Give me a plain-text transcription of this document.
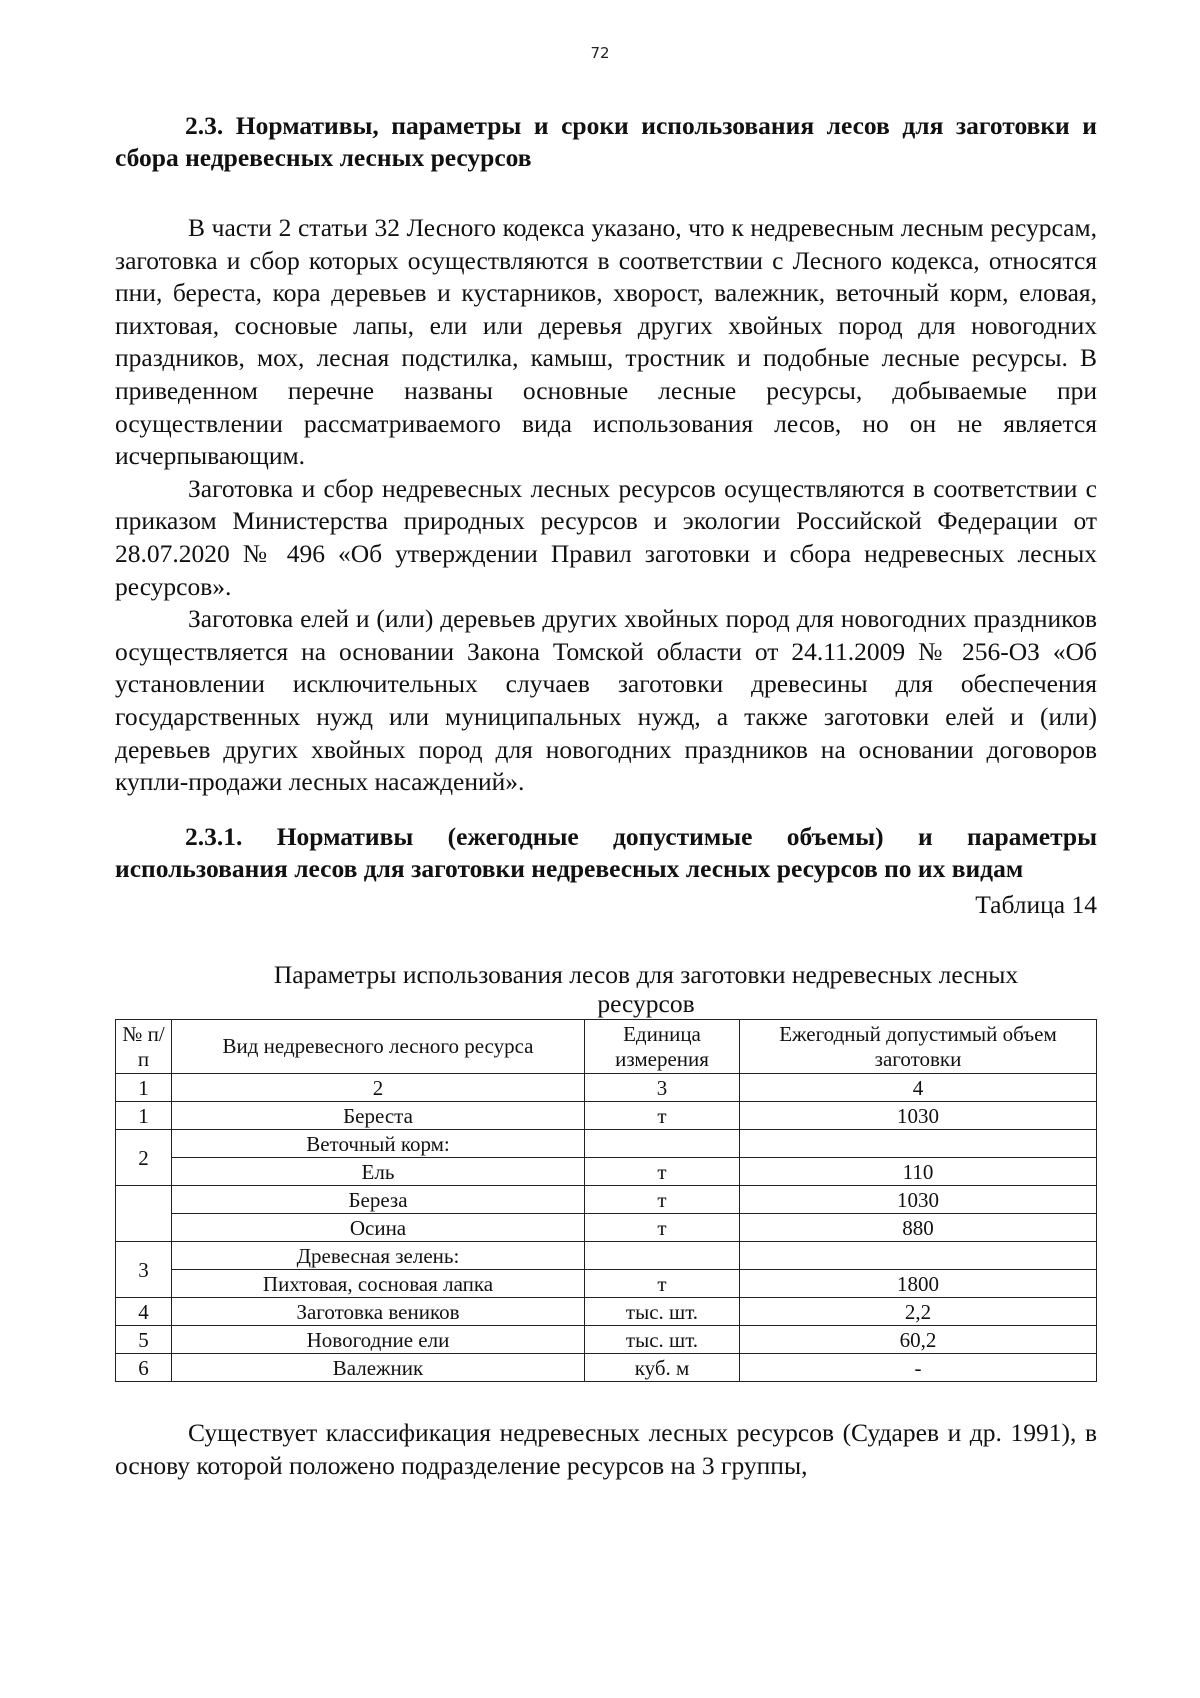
72
2.3. Нормативы, параметры и сроки использования лесов для заготовки и сбора недревесных лесных ресурсов

В части 2 статьи 32 Лесного кодекса указано, что к недревесным лесным ресурсам, заготовка и сбор которых осуществляются в соответствии с Лесного кодекса, относятся пни, береста, кора деревьев и кустарников, хворост, валежник, веточный корм, еловая, пихтовая, сосновые лапы, ели или деревья других хвойных пород для новогодних праздников, мох, лесная подстилка, камыш, тростник и подобные лесные ресурсы. В приведенном перечне названы основные лесные ресурсы, добываемые при осуществлении рассматриваемого вида использования лесов, но он не является исчерпывающим.

Заготовка и сбор недревесных лесных ресурсов осуществляются в соответствии с приказом Министерства природных ресурсов и экологии Российской Федерации от 28.07.2020 № 496 «Об утверждении Правил заготовки и сбора недревесных лесных ресурсов».

Заготовка елей и (или) деревьев других хвойных пород для новогодних праздников осуществляется на основании Закона Томской области от 24.11.2009 № 256-ОЗ «Об установлении исключительных случаев заготовки древесины для обеспечения государственных нужд или муниципальных нужд, а также заготовки елей и (или) деревьев других хвойных пород для новогодних праздников на основании договоров купли-продажи лесных насаждений».

2.3.1. Нормативы (ежегодные допустимые объемы) и параметры использования лесов для заготовки недревесных лесных ресурсов по их видам

Таблица 14

Параметры использования лесов для заготовки недревесных лесных ресурсов

№ п/п	Вид недревесного лесного ресурса	Единица измерения	Ежегодный допустимый объем заготовки
1	2	3	4
1	Береста	т	1030
2	Веточный корм:		
	Ель	т	110
	Береза	т	1030
	Осина	т	880
3	Древесная зелень:		
	Пихтовая, сосновая лапка	т	1800
4	Заготовка веников	тыс. шт.	2,2
5	Новогодние ели	тыс. шт.	60,2
6	Валежник	куб. м	-

Существует классификация недревесных лесных ресурсов (Сударев и др. 1991), в основу которой положено подразделение ресурсов на 3 группы,
